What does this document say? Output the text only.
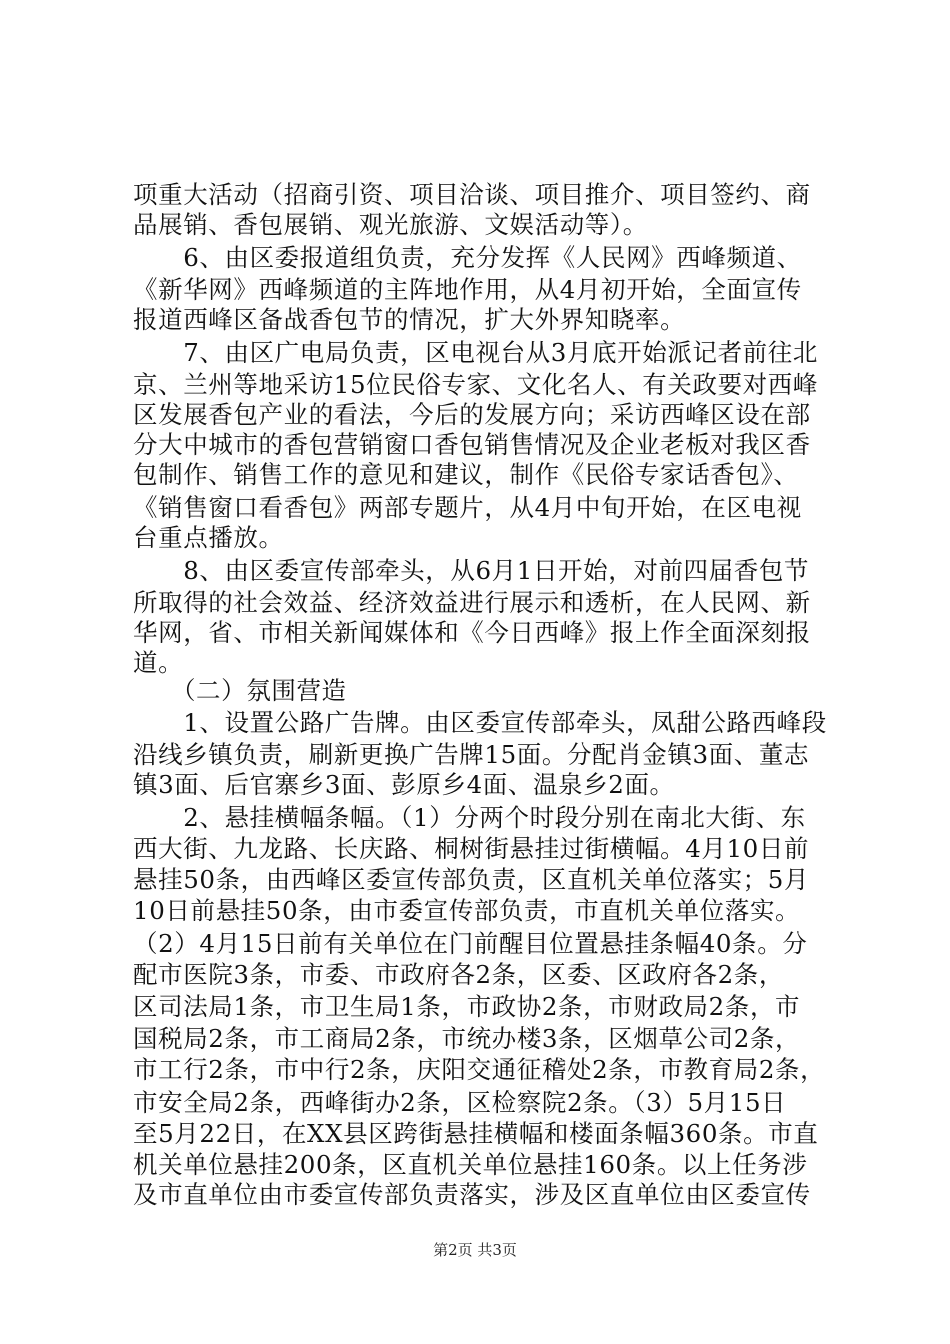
项重大活动（招商引资、项目洽谈、项目推介、项目签约、商
品展销、香包展销、观光旅游、文娱活动等）。
　　6、由区委报道组负责，充分发挥《人民网》西峰频道、
《新华网》西峰频道的主阵地作用，从4月初开始，全面宣传
报道西峰区备战香包节的情况，扩大外界知晓率。
　　7、由区广电局负责，区电视台从3月底开始派记者前往北
京、兰州等地采访15位民俗专家、文化名人、有关政要对西峰
区发展香包产业的看法，今后的发展方向；采访西峰区设在部
分大中城市的香包营销窗口香包销售情况及企业老板对我区香
包制作、销售工作的意见和建议，制作《民俗专家话香包》、
《销售窗口看香包》两部专题片，从4月中旬开始，在区电视
台重点播放。
　　8、由区委宣传部牵头，从6月1日开始，对前四届香包节
所取得的社会效益、经济效益进行展示和透析，在人民网、新
华网，省、市相关新闻媒体和《今日西峰》报上作全面深刻报
道。
　　（二）氛围营造
　　1、设置公路广告牌。由区委宣传部牵头，凤甜公路西峰段
沿线乡镇负责，刷新更换广告牌15面。分配肖金镇3面、董志
镇3面、后官寨乡3面、彭原乡4面、温泉乡2面。
　　2、悬挂横幅条幅。（1）分两个时段分别在南北大街、东
西大街、九龙路、长庆路、桐树街悬挂过街横幅。4月10日前
悬挂50条，由西峰区委宣传部负责，区直机关单位落实；5月
10日前悬挂50条，由市委宣传部负责，市直机关单位落实。
（2）4月15日前有关单位在门前醒目位置悬挂条幅40条。分
配市医院3条，市委、市政府各2条，区委、区政府各2条，
区司法局1条，市卫生局1条，市政协2条，市财政局2条，市
国税局2条，市工商局2条，市统办楼3条，区烟草公司2条，
市工行2条，市中行2条，庆阳交通征稽处2条，市教育局2条，
市安全局2条，西峰街办2条，区检察院2条。（3）5月15日
至5月22日，在XX县区跨街悬挂横幅和楼面条幅360条。市直
机关单位悬挂200条，区直机关单位悬挂160条。以上任务涉
及市直单位由市委宣传部负责落实，涉及区直单位由区委宣传
第2页 共3页
